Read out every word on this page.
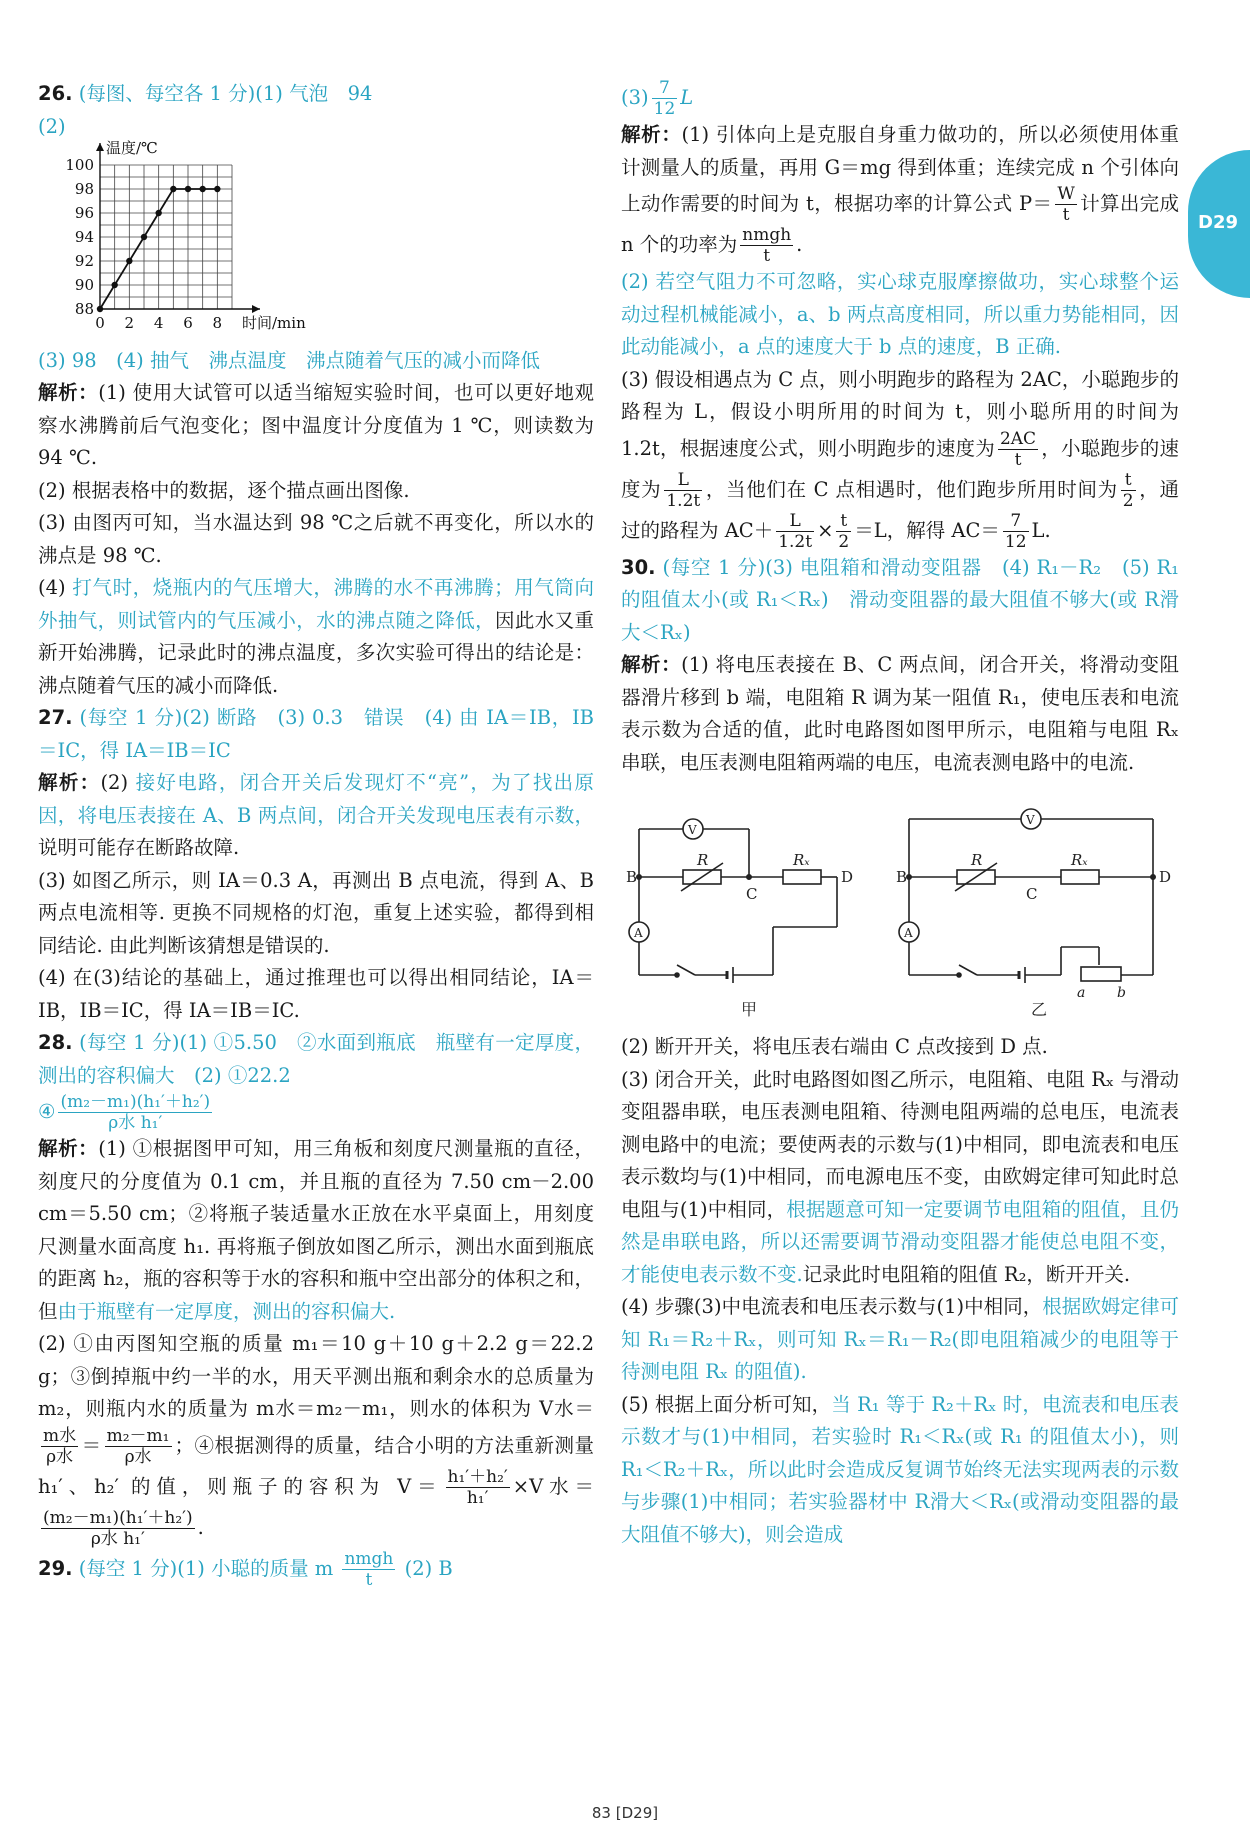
D29

26. (每图、每空各 1 分)(1) 气泡　94

(2)

88
90
92
94
96
98
100
0 2 4 6 8
温度/℃
时间/min

(3) 98　(4) 抽气　沸点温度　沸点随着气压的减小而降低

解析：(1) 使用大试管可以适当缩短实验时间，也可以更好地观察水沸腾前后气泡变化；图中温度计分度值为 1 ℃，则读数为 94 ℃.

(2) 根据表格中的数据，逐个描点画出图像.

(3) 由图丙可知，当水温达到 98 ℃之后就不再变化，所以水的沸点是 98 ℃.

(4) 打气时，烧瓶内的气压增大，沸腾的水不再沸腾；用气筒向外抽气，则试管内的气压减小，水的沸点随之降低，因此水又重新开始沸腾，记录此时的沸点温度，多次实验可得出的结论是：沸点随着气压的减小而降低.

27. (每空 1 分)(2) 断路　(3) 0.3　错误　(4) 由 IA＝IB，IB＝IC，得 IA＝IB＝IC

解析：(2) 接好电路，闭合开关后发现灯不“亮”，为了找出原因，将电压表接在 A、B 两点间，闭合开关发现电压表有示数，说明可能存在断路故障.

(3) 如图乙所示，则 IA＝0.3 A，再测出 B 点电流，得到 A、B 两点电流相等. 更换不同规格的灯泡，重复上述实验，都得到相同结论. 由此判断该猜想是错误的.

(4) 在(3)结论的基础上，通过推理也可以得出相同结论，IA＝IB，IB＝IC，得 IA＝IB＝IC.

28. (每空 1 分)(1) ①5.50　②水面到瓶底　瓶壁有一定厚度，测出的容积偏大　(2) ①22.2

④ $\frac{\text{(m₂－m₁)(h₁′＋h₂′)}}{\text{ρ水 h₁′}}$

解析：(1) ①根据图甲可知，用三角板和刻度尺测量瓶的直径，刻度尺的分度值为 0.1 cm，并且瓶的直径为 7.50 cm－2.00 cm＝5.50 cm；②将瓶子装适量水正放在水平桌面上，用刻度尺测量水面高度 h₁. 再将瓶子倒放如图乙所示，测出水面到瓶底的距离 h₂，瓶的容积等于水的容积和瓶中空出部分的体积之和，但由于瓶壁有一定厚度，测出的容积偏大.

(2) ①由丙图知空瓶的质量 m₁＝10 g＋10 g＋2.2 g＝22.2 g；③倒掉瓶中约一半的水，用天平测出瓶和剩余水的总质量为 m₂，则瓶内水的质量为 m水＝m₂－m₁，则水的体积为 V水＝
$\frac{\text{m水}}{\text{ρ水}} = \frac{\text{m₂－m₁}}{\text{ρ水}}$ ；④根据测得的质量，结合小明的方法重新测量 h₁′、h₂′ 的值，则瓶子的容积为 $V= \frac{\text{h₁′＋h₂′}}{\text{h₁′}} \times V$水＝
$\frac{\text{(m₂－m₁)(h₁′＋h₂′)}}{\text{ρ水 h₁′}}$ .

29. (每空 1 分)(1) 小聪的质量 m $\frac{\text{nmgh}}{t} (2)$ B

$(3) \frac{7}{12}$ L

解析：(1) 引体向上是克服自身重力做功的，所以必须使用体重计测量人的质量，再用 G＝mg 得到体重；连续完成 n 个引体向上动作需要的时间为 t，根据功率的计算公式 $P= \frac{W}{t}$ 计算出完成 n 个的功率为 $\frac{\text{nmgh}}{t}$ .

(2) 若空气阻力不可忽略，实心球克服摩擦做功，实心球整个运动过程机械能减小，a、b 两点高度相同，所以重力势能相同，因此动能减小，a 点的速度大于 b 点的速度，B 正确.

(3) 假设相遇点为 C 点，则小明跑步的路程为 2AC，小聪跑步的路程为 L，假设小明所用的时间为 t，则小聪所用的时间为 1.2t，根据速度公式，则小明跑步的速度为 $\frac{2AC}{t}$ ，小聪跑步的速度为 $\frac{L}{1.2t}$ ，当他们在 C 点相遇时，他们跑步所用时间为 $\frac{t}{2}$ ，通过的路程为 $AC+ \frac{L}{1.2t} \times \frac{t}{2} =L$，解得 $AC= \frac{7}{12} L$.

30. (每空 1 分)(3) 电阻箱和滑动变阻器　(4) R₁－R₂　(5) R₁ 的阻值太小(或 R₁＜Rₓ)　滑动变阻器的最大阻值不够大(或 R滑大＜Rₓ)

解析：(1) 将电压表接在 B、C 两点间，闭合开关，将滑动变阻器滑片移到 b 端，电阻箱 R 调为某一阻值 R₁，使电压表和电流表示数为合适的值，此时电路图如图甲所示，电阻箱与电阻 Rₓ 串联，电压表测电阻箱两端的电压，电流表测电路中的电流.

B
C
D
R	Rₓ
V
A
甲
B
C
D
R	Rₓ
V
A
a b
乙

(2) 断开开关，将电压表右端由 C 点改接到 D 点.

(3) 闭合开关，此时电路图如图乙所示，电阻箱、电阻 Rₓ 与滑动变阻器串联，电压表测电阻箱、待测电阻两端的总电压，电流表测电路中的电流；要使两表的示数与(1)中相同，即电流表和电压表示数均与(1)中相同，而电源电压不变，由欧姆定律可知此时总电阻与(1)中相同，根据题意可知一定要调节电阻箱的阻值，且仍然是串联电路，所以还需要调节滑动变阻器才能使总电阻不变，才能使电表示数不变.记录此时电阻箱的阻值 R₂，断开开关.

(4) 步骤(3)中电流表和电压表示数与(1)中相同，根据欧姆定律可知 R₁＝R₂＋Rₓ，则可知 Rₓ＝R₁－R₂(即电阻箱减少的电阻等于待测电阻 Rₓ 的阻值).

(5) 根据上面分析可知，当 R₁ 等于 R₂＋Rₓ 时，电流表和电压表示数才与(1)中相同，若实验时 R₁＜Rₓ(或 R₁ 的阻值太小)，则 R₁＜R₂＋Rₓ，所以此时会造成反复调节始终无法实现两表的示数与步骤(1)中相同；若实验器材中 R滑大＜Rₓ(或滑动变阻器的最大阻值不够大)，则会造成

83 [D29]
